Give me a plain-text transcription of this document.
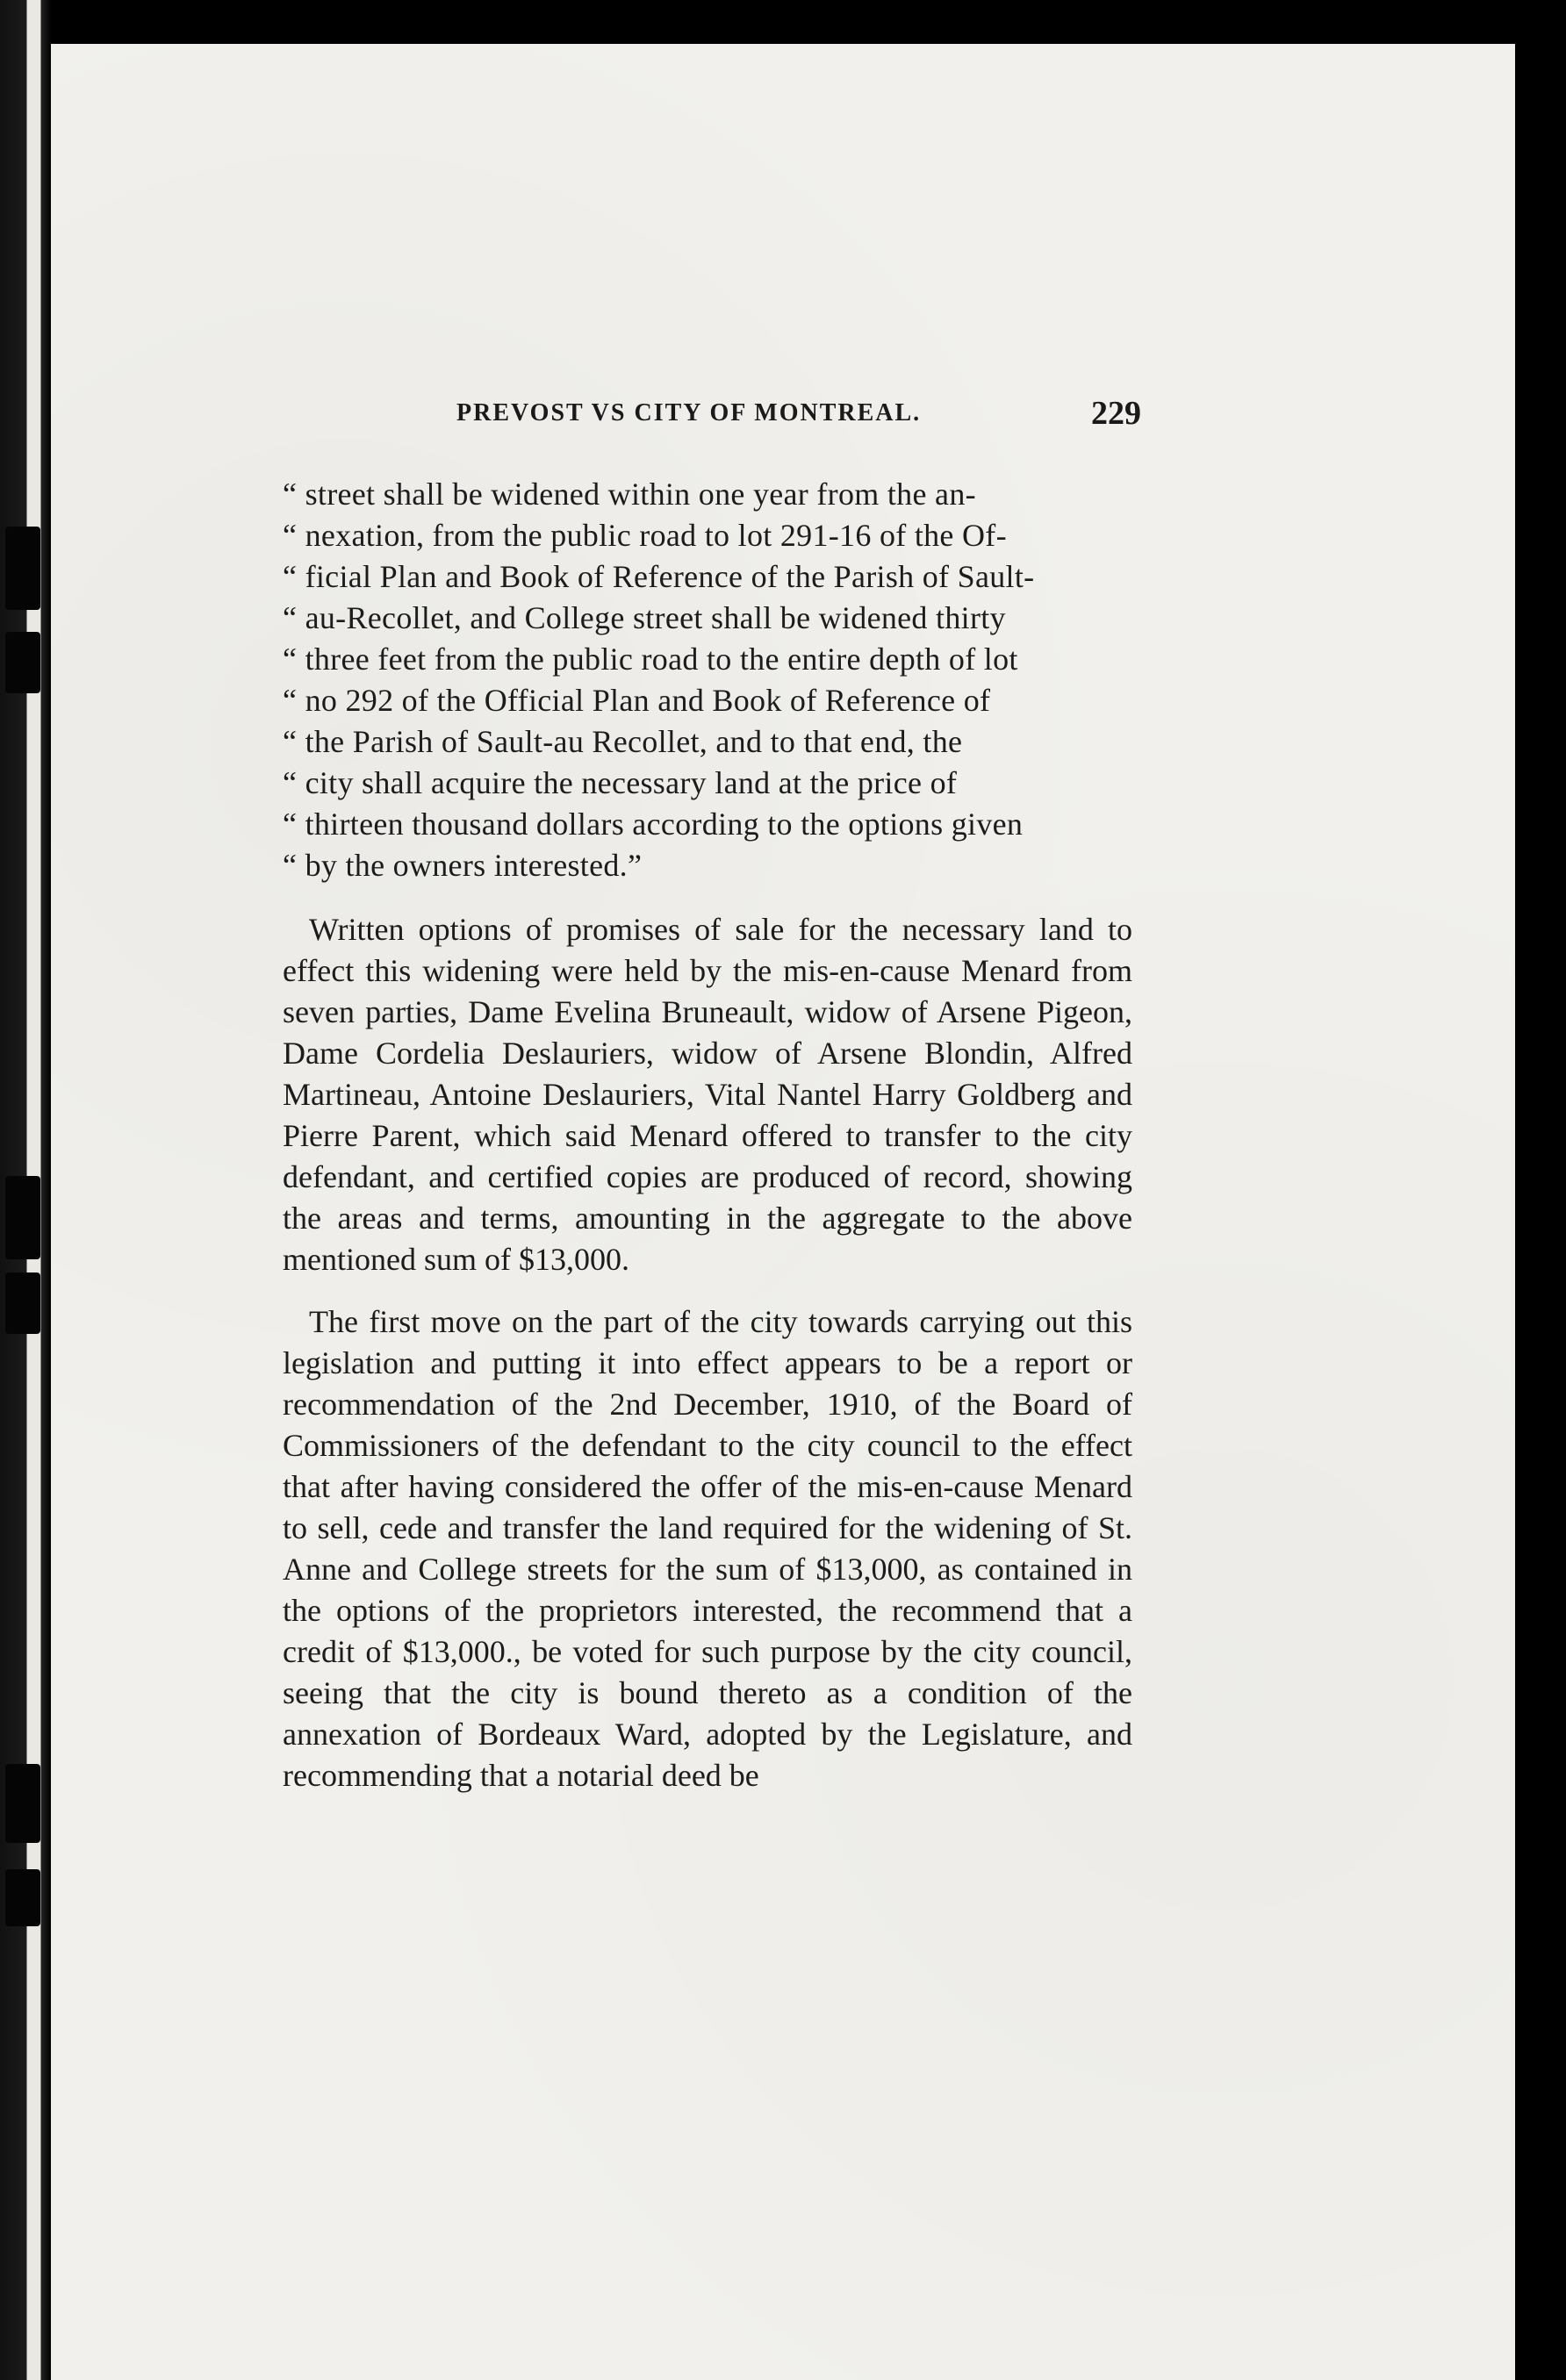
PREVOST VS CITY OF MONTREAL.	229

“ street shall be widened within one year from the an-

“ nexation, from the public road to lot 291-16 of the Of-

“ ficial Plan and Book of Reference of the Parish of Sault-

“ au-Recollet, and College street shall be widened thirty

“ three feet from the public road to the entire depth of lot

“ no 292 of the Official Plan and Book of Reference of

“ the Parish of Sault-au Recollet, and to that end, the

“ city shall acquire the necessary land at the price of

“ thirteen thousand dollars according to the options given

“ by the owners interested.”

Written options of promises of sale for the necessary land to effect this widening were held by the mis-en-cause Menard from seven parties, Dame Evelina Bruneault, widow of Arsene Pigeon, Dame Cordelia Deslauriers, widow of Arsene Blondin, Alfred Martineau, Antoine Deslauriers, Vital Nantel Harry Goldberg and Pierre Parent, which said Menard offered to transfer to the city defendant, and certified copies are produced of record, showing the areas and terms, amounting in the aggregate to the above mentioned sum of $13,000.

The first move on the part of the city towards carrying out this legislation and putting it into effect appears to be a report or recommendation of the 2nd December, 1910, of the Board of Commissioners of the defendant to the city council to the effect that after having considered the offer of the mis-en-cause Menard to sell, cede and transfer the land required for the widening of St. Anne and College streets for the sum of $13,000, as contained in the options of the proprietors interested, the recommend that a credit of $13,000., be voted for such purpose by the city council, seeing that the city is bound thereto as a condition of the annexation of Bordeaux Ward, adopted by the Legislature, and recommending that a notarial deed be
